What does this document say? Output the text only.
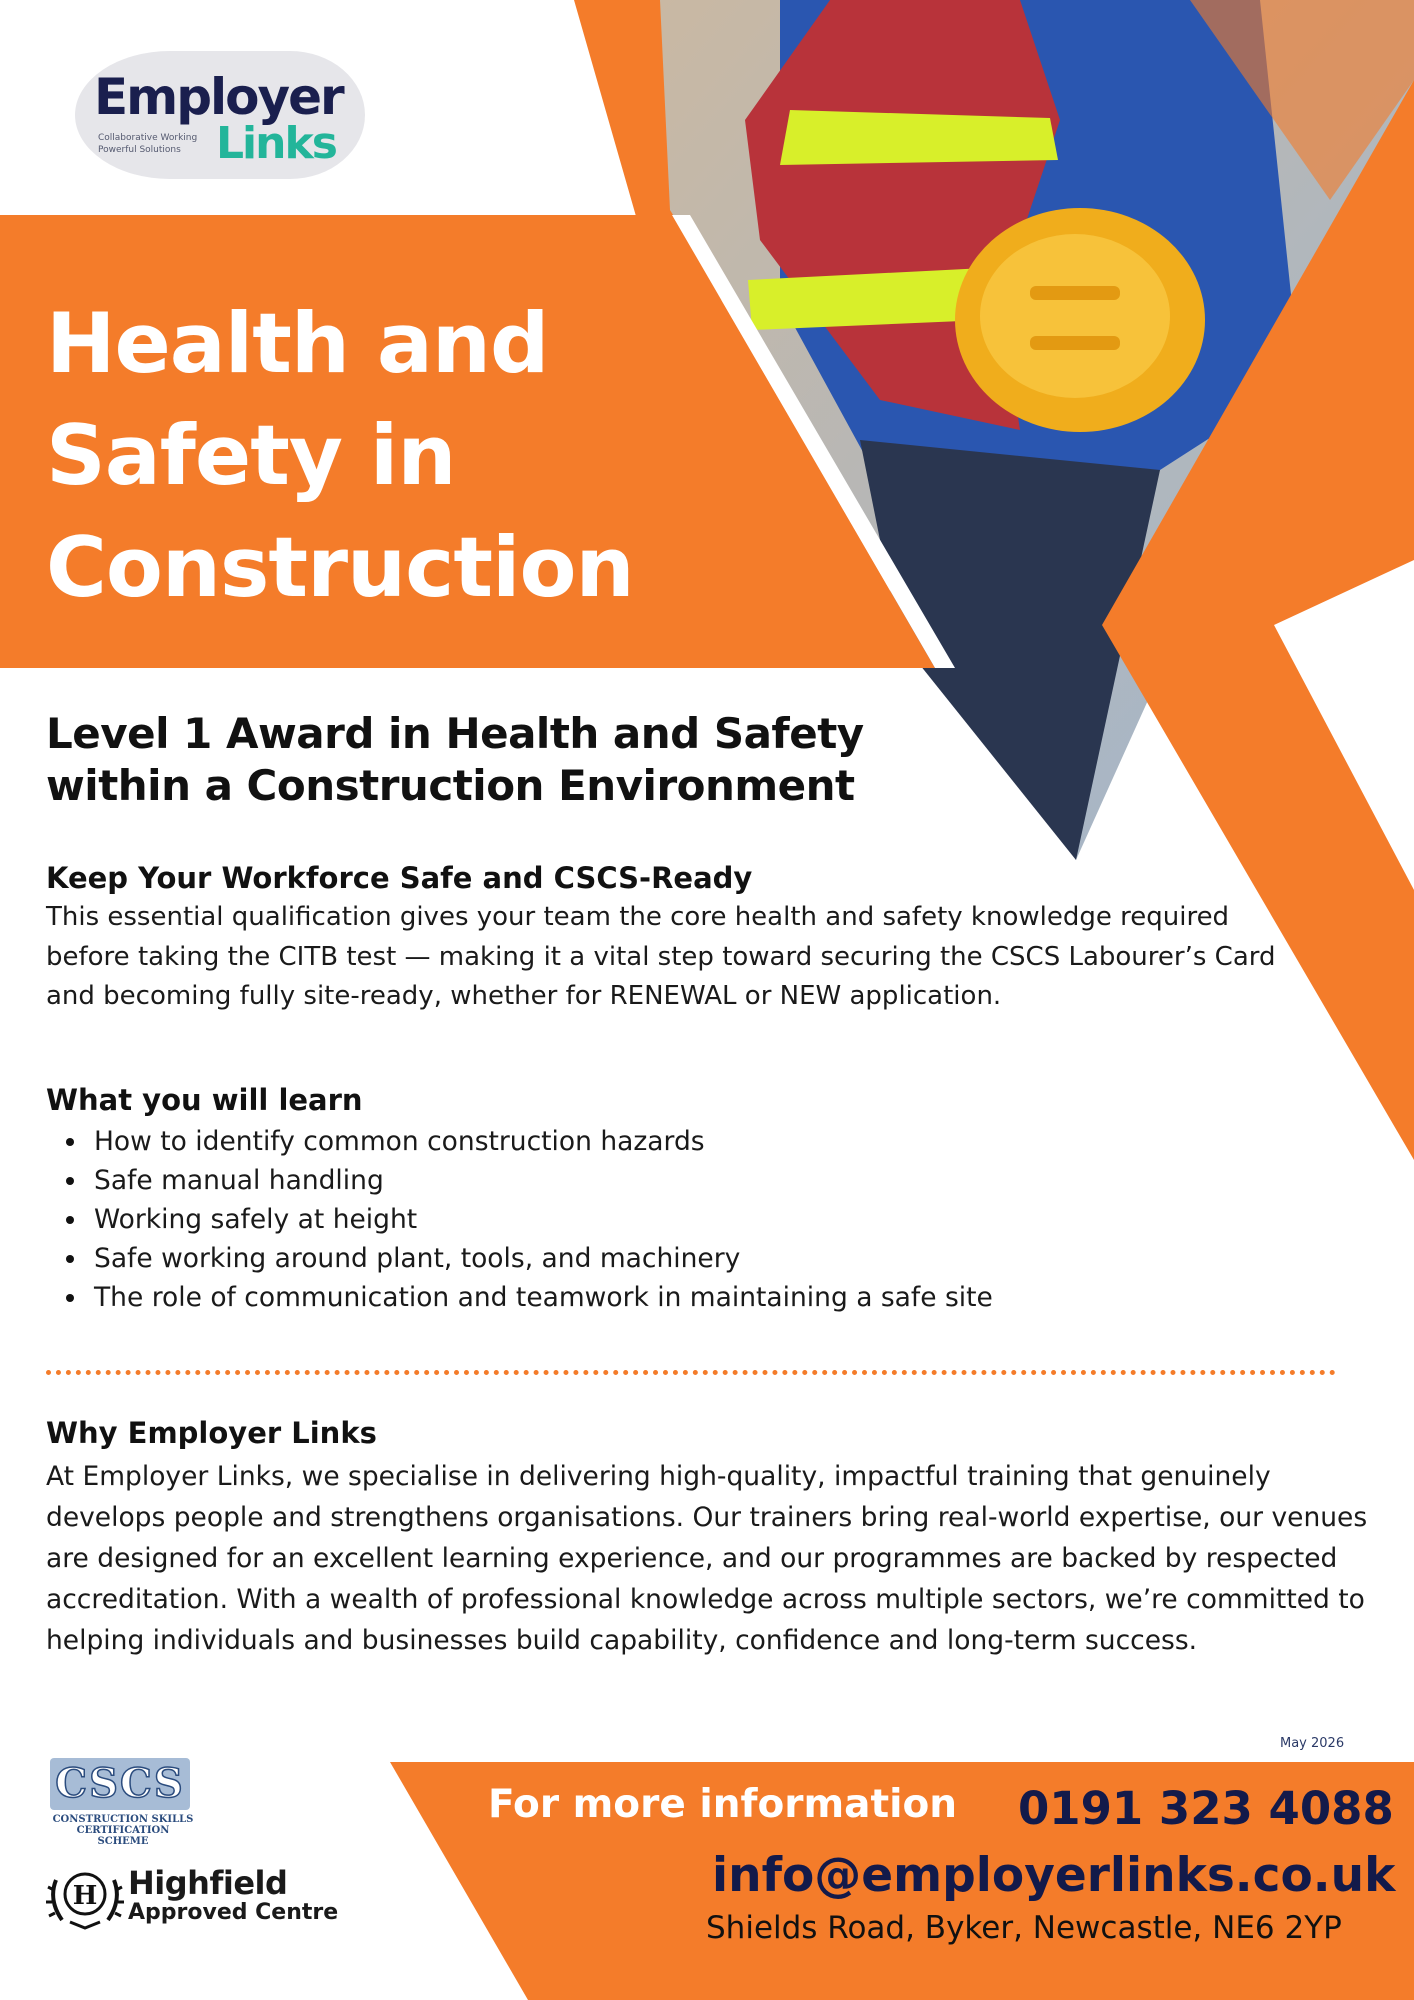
Employer
Links
Collaborative Working
Powerful Solutions
Health and
Safety in
Construction
Level 1 Award in Health and Safety
within a Construction Environment
Keep Your Workforce Safe and CSCS-Ready
This essential qualification gives your team the core health and safety knowledge required before taking the CITB test — making it a vital step toward securing the CSCS Labourer’s Card and becoming fully site-ready, whether for RENEWAL or NEW application.
What you will learn
How to identify common construction hazards
Safe manual handling
Working safely at height
Safe working around plant, tools, and machinery
The role of communication and teamwork in maintaining a safe site
Why Employer Links
At Employer Links, we specialise in delivering high-quality, impactful training that genuinely develops people and strengthens organisations. Our trainers bring real-world expertise, our venues are designed for an excellent learning experience, and our programmes are backed by respected accreditation. With a wealth of professional knowledge across multiple sectors, we’re committed to helping individuals and businesses build capability, confidence and long-term success.
May 2026
CSCS
CONSTRUCTION SKILLS
CERTIFICATION SCHEME
H Highfield
Approved Centre
For more information 0191 323 4088
info@employerlinks.co.uk
Shields Road, Byker, Newcastle, NE6 2YP
